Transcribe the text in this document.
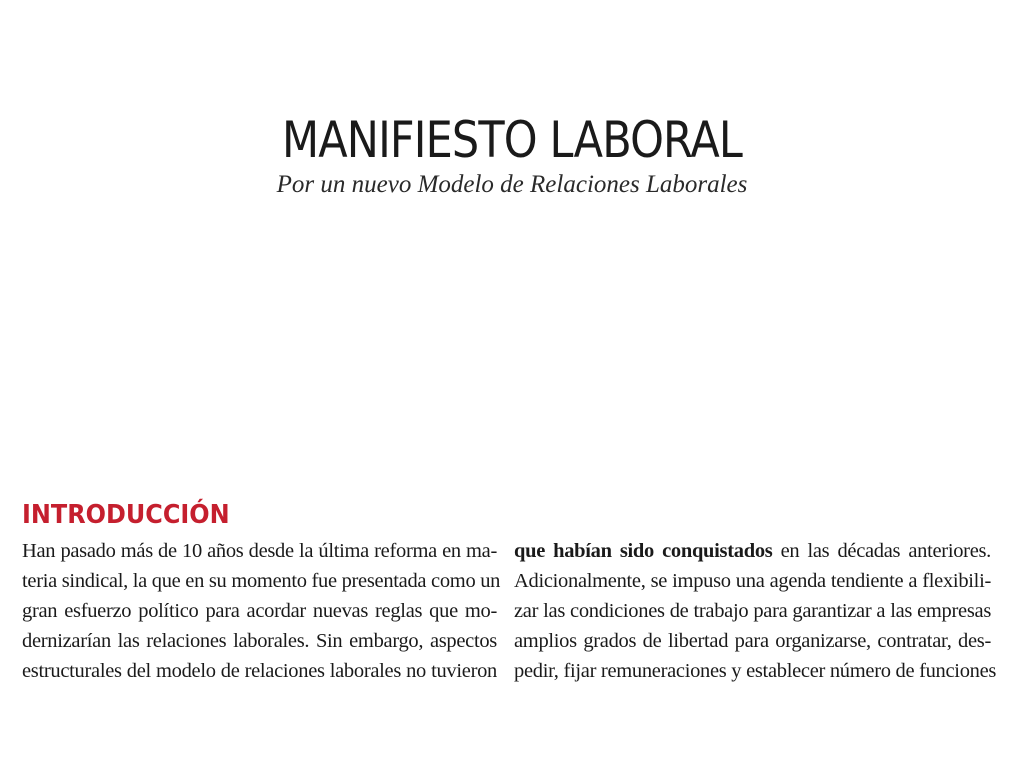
MANIFIESTO LABORAL

Por un nuevo Modelo de Relaciones Laborales

INTRODUCCIÓN
Han pasado más de 10 años desde la última reforma en ma-
teria sindical, la que en su momento fue presentada como un
gran esfuerzo político para acordar nuevas reglas que mo-
dernizarían las relaciones laborales. Sin embargo, aspectos
estructurales del modelo de relaciones laborales no tuvieron
que habían sido conquistados en las décadas anteriores.
Adicionalmente, se impuso una agenda tendiente a flexibili-
zar las condiciones de trabajo para garantizar a las empresas
amplios grados de libertad para organizarse, contratar, des-
pedir, fijar remuneraciones y establecer número de funciones
